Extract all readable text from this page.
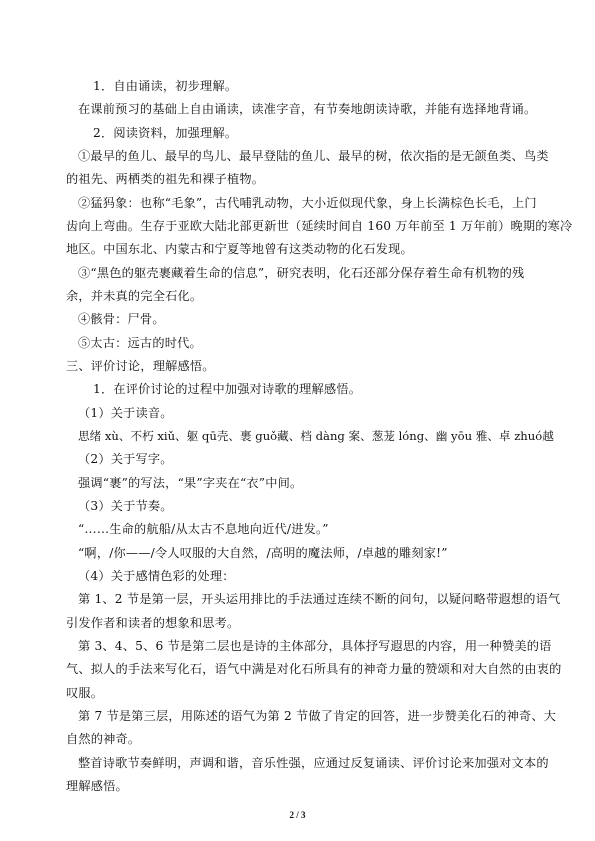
1．自由诵读，初步理解。
在课前预习的基础上自由诵读，读准字音，有节奏地朗读诗歌，并能有选择地背诵。
2．阅读资料，加强理解。
①最早的鱼儿、最早的鸟儿、最早登陆的鱼儿、最早的树，依次指的是无颌鱼类、鸟类
的祖先、两栖类的祖先和裸子植物。
②猛犸象：也称“毛象”，古代哺乳动物，大小近似现代象，身上长满棕色长毛，上门
齿向上弯曲。生存于亚欧大陆北部更新世（延续时间自 160 万年前至 1 万年前）晚期的寒冷
地区。中国东北、内蒙古和宁夏等地曾有这类动物的化石发现。
③“黑色的躯壳裹藏着生命的信息”，研究表明，化石还部分保存着生命有机物的残
余，并未真的完全石化。
④骸骨：尸骨。
⑤太古：远古的时代。
三、评价讨论，理解感悟。
1．在评价讨论的过程中加强对诗歌的理解感悟。
（1）关于读音。
思绪 xù、不朽 xiǔ、躯 qū壳、裹 guǒ藏、档 dàng 案、葱茏 lóng、幽 yōu 雅、卓 zhuó越
（2）关于写字。
强调“裹”的写法，“果”字夹在“衣”中间。
（3）关于节奏。
“……生命的航船/从太古不息地向近代/进发。”
“啊，/你——/令人叹服的大自然，/高明的魔法师，/卓越的雕刻家!”
（4）关于感情色彩的处理：
第 1、2 节是第一层，开头运用排比的手法通过连续不断的问句，以疑问略带遐想的语气
引发作者和读者的想象和思考。
第 3、4、5、6 节是第二层也是诗的主体部分，具体抒写遐思的内容，用一种赞美的语
气、拟人的手法来写化石，语气中满是对化石所具有的神奇力量的赞颂和对大自然的由衷的
叹服。
第 7 节是第三层，用陈述的语气为第 2 节做了肯定的回答，进一步赞美化石的神奇、大
自然的神奇。
整首诗歌节奏鲜明，声调和谐，音乐性强，应通过反复诵读、评价讨论来加强对文本的
理解感悟。
2 / 3
